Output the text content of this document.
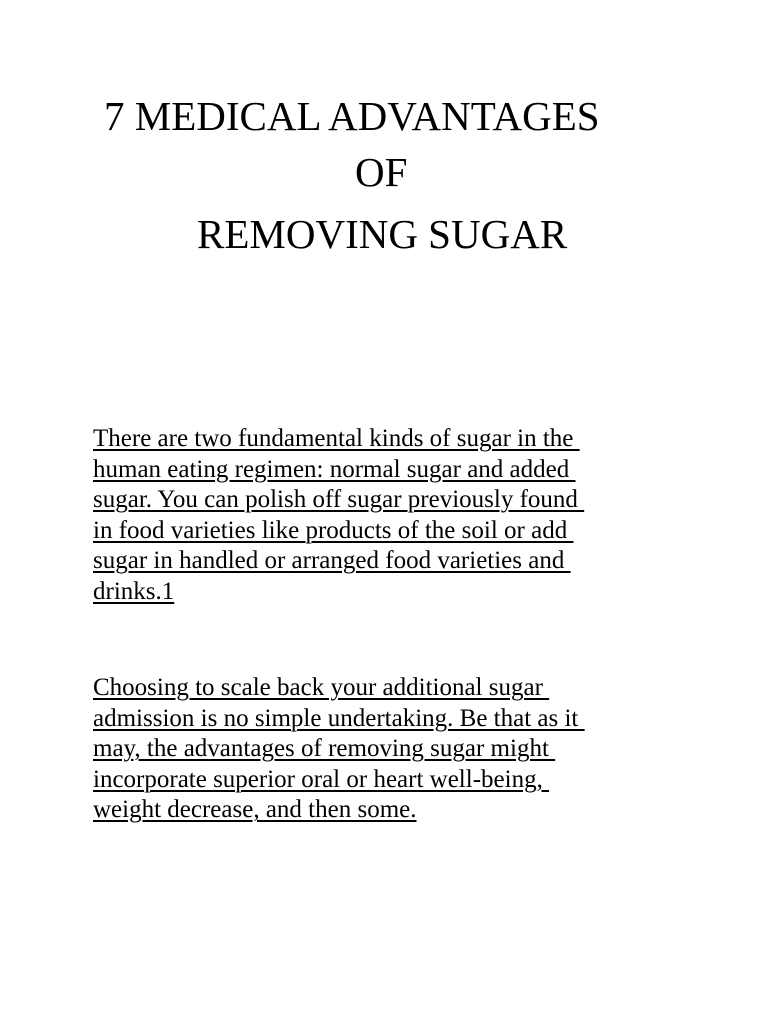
7 MEDICAL ADVANTAGES
OF
REMOVING SUGAR
There are two fundamental kinds of sugar in the
human eating regimen: normal sugar and added
sugar. You can polish off sugar previously found
in food varieties like products of the soil or add
sugar in handled or arranged food varieties and
drinks.1
Choosing to scale back your additional sugar
admission is no simple undertaking. Be that as it
may, the advantages of removing sugar might
incorporate superior oral or heart well-being,
weight decrease, and then some.
